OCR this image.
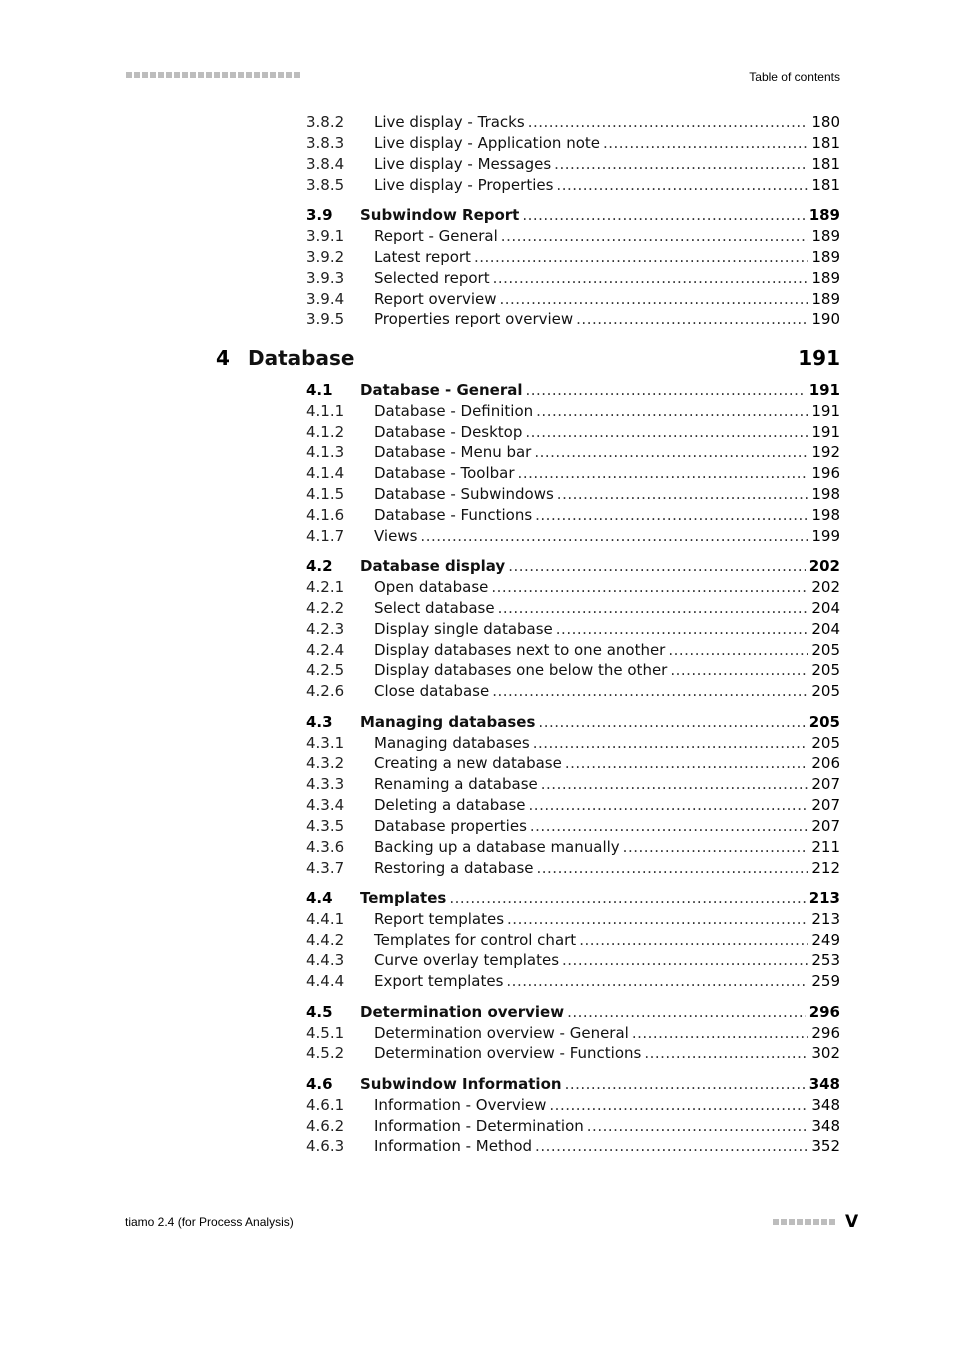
Table of contents
3.8.2	Live display - Tracks .....	180
3.8.3	Live display - Application note .....	181
3.8.4	Live display - Messages .....	181
3.8.5	Live display - Properties .....	181
3.9	Subwindow Report .....	189
3.9.1	Report - General .....	189
3.9.2	Latest report .....	189
3.9.3	Selected report .....	189
3.9.4	Report overview .....	189
3.9.5	Properties report overview .....	190
4 Database	191
4.1	Database - General .....	191
4.1.1	Database - Definition .....	191
4.1.2	Database - Desktop .....	191
4.1.3	Database - Menu bar .....	192
4.1.4	Database - Toolbar .....	196
4.1.5	Database - Subwindows .....	198
4.1.6	Database - Functions .....	198
4.1.7	Views .....	199
4.2	Database display .....	202
4.2.1	Open database .....	202
4.2.2	Select database .....	204
4.2.3	Display single database .....	204
4.2.4	Display databases next to one another .....	205
4.2.5	Display databases one below the other .....	205
4.2.6	Close database .....	205
4.3	Managing databases .....	205
4.3.1	Managing databases .....	205
4.3.2	Creating a new database .....	206
4.3.3	Renaming a database .....	207
4.3.4	Deleting a database .....	207
4.3.5	Database properties .....	207
4.3.6	Backing up a database manually .....	211
4.3.7	Restoring a database .....	212
4.4	Templates .....	213
4.4.1	Report templates .....	213
4.4.2	Templates for control chart .....	249
4.4.3	Curve overlay templates .....	253
4.4.4	Export templates .....	259
4.5	Determination overview .....	296
4.5.1	Determination overview - General .....	296
4.5.2	Determination overview - Functions .....	302
4.6	Subwindow Information .....	348
4.6.1	Information - Overview .....	348
4.6.2	Information - Determination .....	348
4.6.3	Information - Method .....	352
tiamo 2.4 (for Process Analysis)	V
